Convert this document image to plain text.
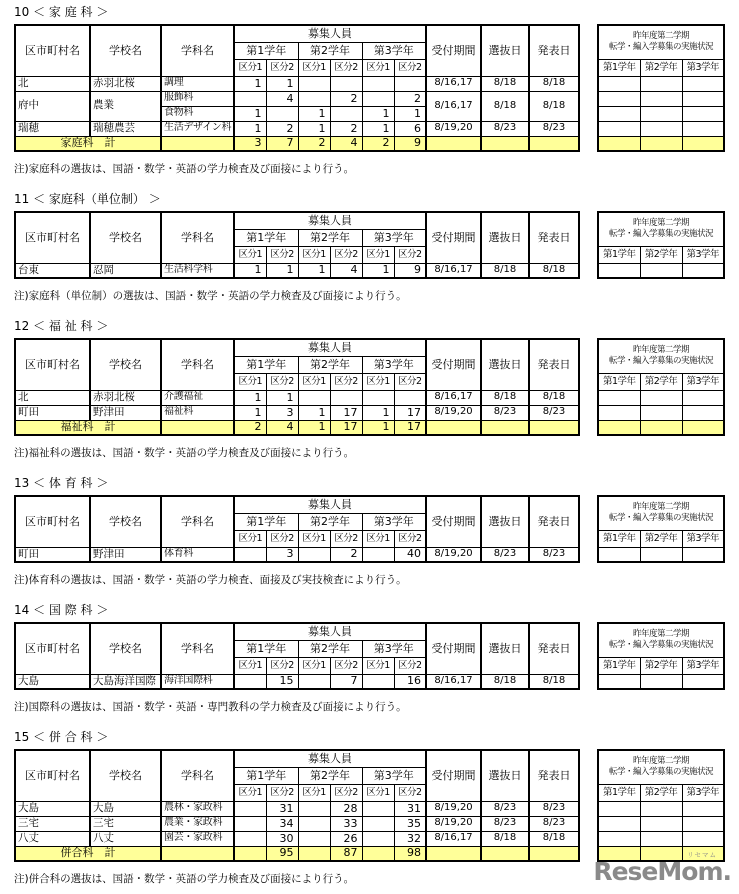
10 ＜ 家 庭 科 ＞
区市町村名	学校名	学科名	募集人員						受付期間	選抜日	発表日
			第1学年		第2学年		第3学年				
			区分1	区分2	区分1	区分2	区分1	区分2			
北	赤羽北桜	調理	1	1					8/16,17	8/18	8/18
府中	農業	服飾科		4		2		2	8/16,17	8/18	8/18
		食物科	1		1		1	1			
瑞穂	瑞穂農芸	生活デザイン科	1	2	1	2	1	6	8/19,20	8/23	8/23
家庭科　計			3	7	2	4	2	9			
昨年度第二学期
転学・編入学募集の実施状況		
第1学年	第2学年	第3学年

注)家庭科の選抜は、国語・数学・英語の学力検査及び面接により行う。
11 ＜ 家庭科（単位制） ＞
区市町村名	学校名	学科名	募集人員						受付期間	選抜日	発表日
			第1学年		第2学年		第3学年				
			区分1	区分2	区分1	区分2	区分1	区分2			
台東	忍岡	生活科学科	1	1	1	4	1	9	8/16,17	8/18	8/18
昨年度第二学期
転学・編入学募集の実施状況		
第1学年	第2学年	第3学年

注)家庭科（単位制）の選抜は、国語・数学・英語の学力検査及び面接により行う。
12 ＜ 福 祉 科 ＞
区市町村名	学校名	学科名	募集人員						受付期間	選抜日	発表日
			第1学年		第2学年		第3学年				
			区分1	区分2	区分1	区分2	区分1	区分2			
北	赤羽北桜	介護福祉	1	1					8/16,17	8/18	8/18
町田	野津田	福祉科	1	3	1	17	1	17	8/19,20	8/23	8/23
福祉科　計			2	4	1	17	1	17			
昨年度第二学期
転学・編入学募集の実施状況		
第1学年	第2学年	第3学年

注)福祉科の選抜は、国語・数学・英語の学力検査及び面接により行う。
13 ＜ 体 育 科 ＞
区市町村名	学校名	学科名	募集人員						受付期間	選抜日	発表日
			第1学年		第2学年		第3学年				
			区分1	区分2	区分1	区分2	区分1	区分2			
町田	野津田	体育科		3		2		40	8/19,20	8/23	8/23
昨年度第二学期
転学・編入学募集の実施状況		
第1学年	第2学年	第3学年

注)体育科の選抜は、国語・数学・英語の学力検査、面接及び実技検査により行う。
14 ＜ 国 際 科 ＞
区市町村名	学校名	学科名	募集人員						受付期間	選抜日	発表日
			第1学年		第2学年		第3学年				
			区分1	区分2	区分1	区分2	区分1	区分2			
大島	大島海洋国際	海洋国際科		15		7		16	8/16,17	8/18	8/18
昨年度第二学期
転学・編入学募集の実施状況		
第1学年	第2学年	第3学年

注)国際科の選抜は、国語・数学・英語・専門教科の学力検査及び面接により行う。
15 ＜ 併 合 科 ＞
区市町村名	学校名	学科名	募集人員						受付期間	選抜日	発表日
			第1学年		第2学年		第3学年				
			区分1	区分2	区分1	区分2	区分1	区分2			
大島	大島	農林・家政科		31		28		31	8/19,20	8/23	8/23
三宅	三宅	農業・家政科		34		33		35	8/19,20	8/23	8/23
八丈	八丈	園芸・家政科		30		26		32	8/16,17	8/18	8/18
併合科　計				95		87		98			
昨年度第二学期
転学・編入学募集の実施状況		
第1学年	第2学年	第3学年

注)併合科の選抜は、国語・数学・英語の学力検査及び面接により行う。
リセマム
ReseMom.
